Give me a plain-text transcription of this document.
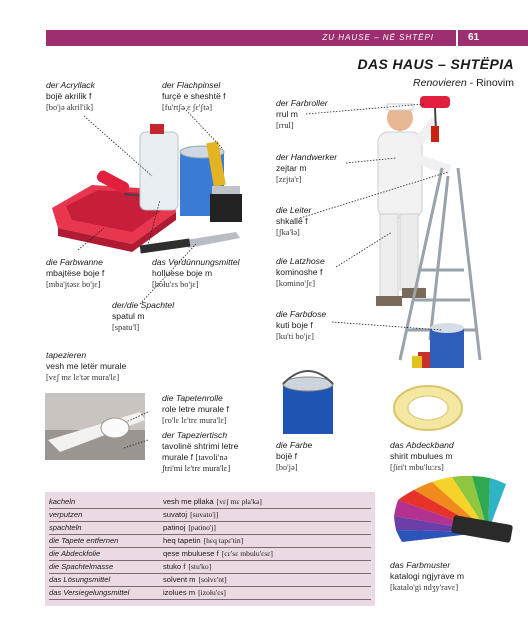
ZU HAUSE – NË SHTËPI	61
DAS HAUS – SHTËPIA
Renovieren - Rinovim
der Acryllack
bojë akrilik f
[ bo'jə akril'ik ]
der Flachpinsel
furçë e sheshtë f
[ fu'rtʃə ɛ ʃɛ'ʃtə ]	der Farbroller
rrul m
[ rrul ]
der Handwerker
zejtar m
[ zɛjta'r ]
die Leiter
shkallë f
[ ʃka'łə ]
die Latzhose
kominoshe f
[ komino'ʃɛ ]
die Farbdose
kuti boje f
[ ku'ti bo'jɛ ]
die Farbwanne
mbajtëse boje f
[ mba'jtəsɛ bo'jɛ ]
das Verdünnungsmittel
holluese boje m
[ hołu'ɛs bo'jɛ ]
der/die Spachtel
spatul m
[ spatu'l ]
tapezieren
vesh me letër murale
[ vɛʃ mɛ lɛ'tər mura'lɛ ]
die Tapetenrolle
role letre murale f
[ ro'lɛ lɛ'trɛ mura'lɛ ]
der Tapeziertisch
tavolinë shtrimi letre
murale f [tavoli'nə
ʃtri'mi lɛ'trɛ mura'lɛ]
die Farbe
bojë f
[ bo'jə ]
das Abdeckband
shirit mbulues m
[ ʃiri't mbu'lu:ɛs ]
das Farbmuster
katalogi ngjyrave m
[ katalo'gi ndʒy'ravɛ ]
kacheln	vesh me pllaka [ vɛʃ mɛ pła'ka ]
verputzen	suvatoj [ suvato'j ]
spachteln	patinoj [ patino'j ]
die Tapete entfernen	heq tapetin [ hɛq tapɛ'tin ]
die Abdeckfolie	qese mbuluese f [ cɛ'sɛ mbulu'ɛsɛ ]
die Spachtelmasse	stuko f [ stu'ko ]
das Lösungsmittel	solvent m [ solvɛ'nt ]
das Versiegelungsmittel	izolues m [ izołu'ɛs ]
